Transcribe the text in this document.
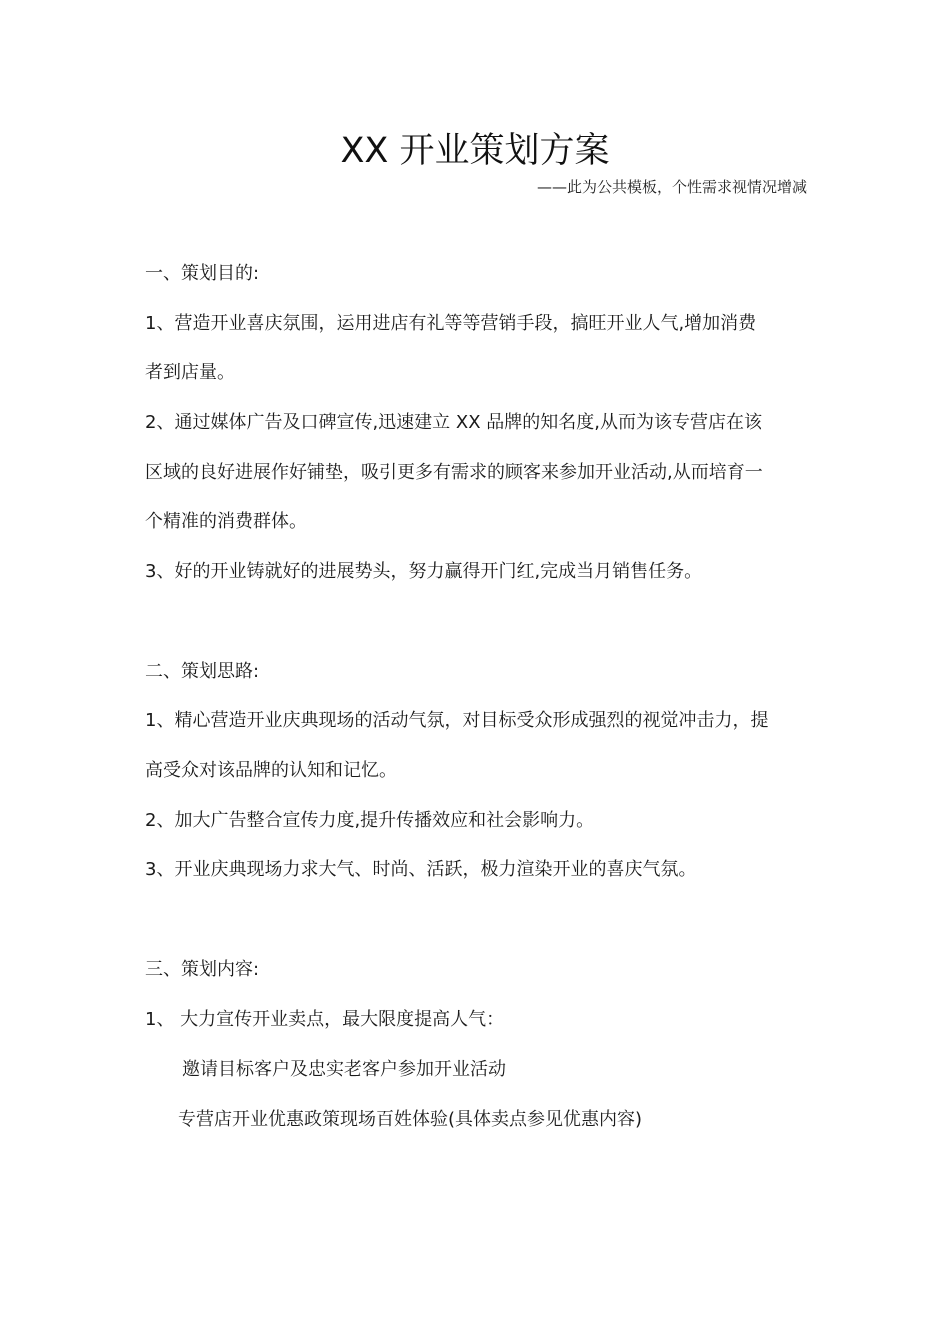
XX 开业策划方案
——此为公共模板，个性需求视情况增减
一、策划目的:
1、营造开业喜庆氛围，运用进店有礼等等营销手段，搞旺开业人气,增加消费
者到店量。
2、通过媒体广告及口碑宣传,迅速建立 XX 品牌的知名度,从而为该专营店在该
区域的良好进展作好铺垫，吸引更多有需求的顾客来参加开业活动,从而培育一
个精准的消费群体。
3、好的开业铸就好的进展势头，努力赢得开门红,完成当月销售任务。
二、策划思路:
1、精心营造开业庆典现场的活动气氛，对目标受众形成强烈的视觉冲击力，提
高受众对该品牌的认知和记忆。
2、加大广告整合宣传力度,提升传播效应和社会影响力。
3、开业庆典现场力求大气、时尚、活跃，极力渲染开业的喜庆气氛。
三、策划内容:
1、 大力宣传开业卖点，最大限度提高人气：
邀请目标客户及忠实老客户参加开业活动
专营店开业优惠政策现场百姓体验(具体卖点参见优惠内容)
